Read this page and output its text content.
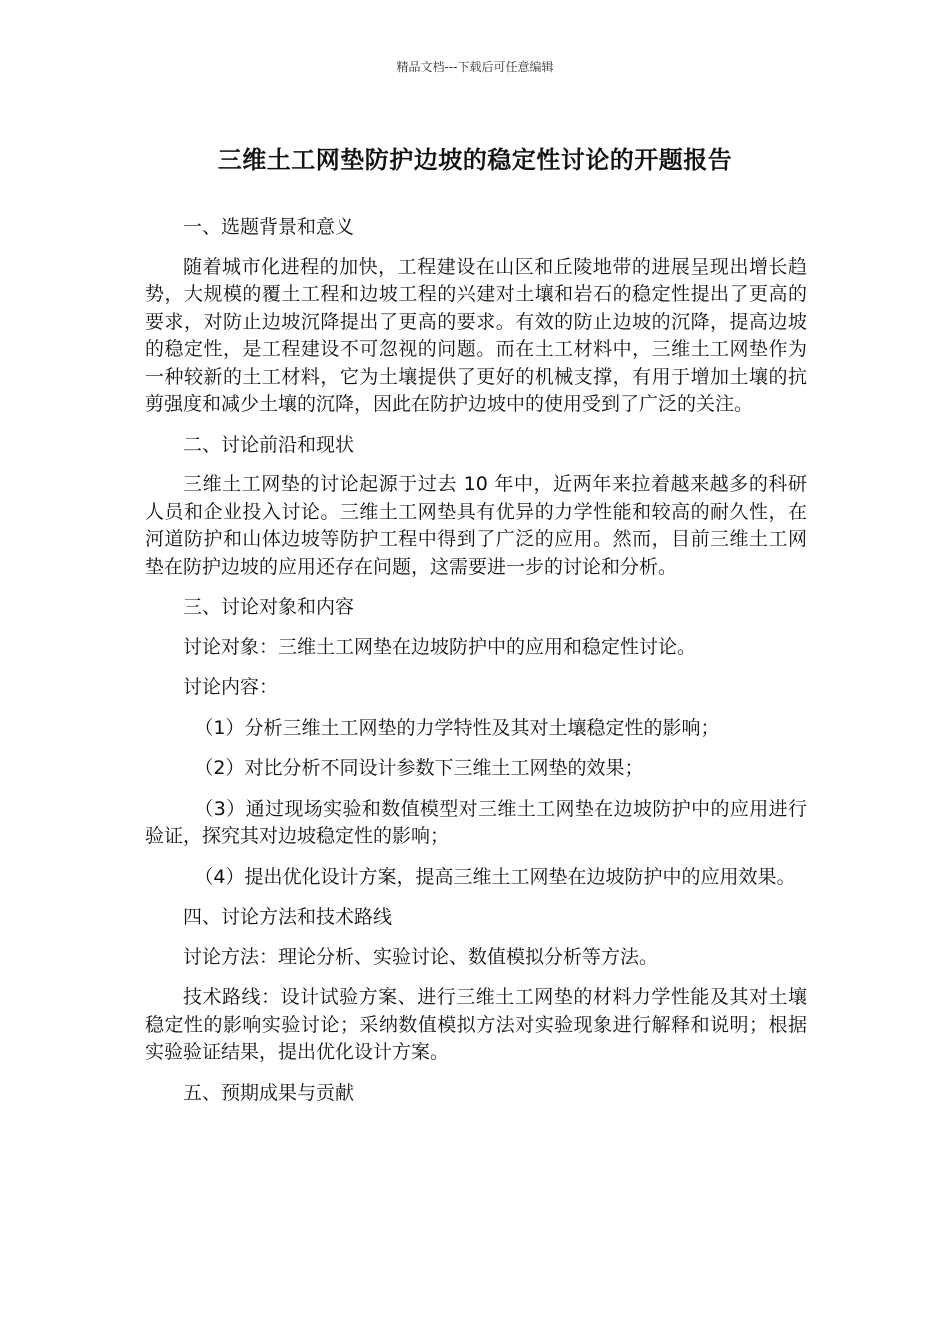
精品文档---下载后可任意编辑
三维土工网垫防护边坡的稳定性讨论的开题报告

一、选题背景和意义

随着城市化进程的加快，工程建设在山区和丘陵地带的进展呈现出增长趋势，大规模的覆土工程和边坡工程的兴建对土壤和岩石的稳定性提出了更高的要求，对防止边坡沉降提出了更高的要求。有效的防止边坡的沉降，提高边坡的稳定性，是工程建设不可忽视的问题。而在土工材料中，三维土工网垫作为一种较新的土工材料，它为土壤提供了更好的机械支撑，有用于增加土壤的抗剪强度和减少土壤的沉降，因此在防护边坡中的使用受到了广泛的关注。

二、讨论前沿和现状

三维土工网垫的讨论起源于过去 10 年中，近两年来拉着越来越多的科研人员和企业投入讨论。三维土工网垫具有优异的力学性能和较高的耐久性，在河道防护和山体边坡等防护工程中得到了广泛的应用。然而，目前三维土工网垫在防护边坡的应用还存在问题，这需要进一步的讨论和分析。

三、讨论对象和内容

讨论对象：三维土工网垫在边坡防护中的应用和稳定性讨论。

讨论内容：

（1）分析三维土工网垫的力学特性及其对土壤稳定性的影响；

（2）对比分析不同设计参数下三维土工网垫的效果；

（3）通过现场实验和数值模型对三维土工网垫在边坡防护中的应用进行验证，探究其对边坡稳定性的影响；

（4）提出优化设计方案，提高三维土工网垫在边坡防护中的应用效果。

四、讨论方法和技术路线

讨论方法：理论分析、实验讨论、数值模拟分析等方法。

技术路线：设计试验方案、进行三维土工网垫的材料力学性能及其对土壤稳定性的影响实验讨论；采纳数值模拟方法对实验现象进行解释和说明；根据实验验证结果，提出优化设计方案。

五、预期成果与贡献
